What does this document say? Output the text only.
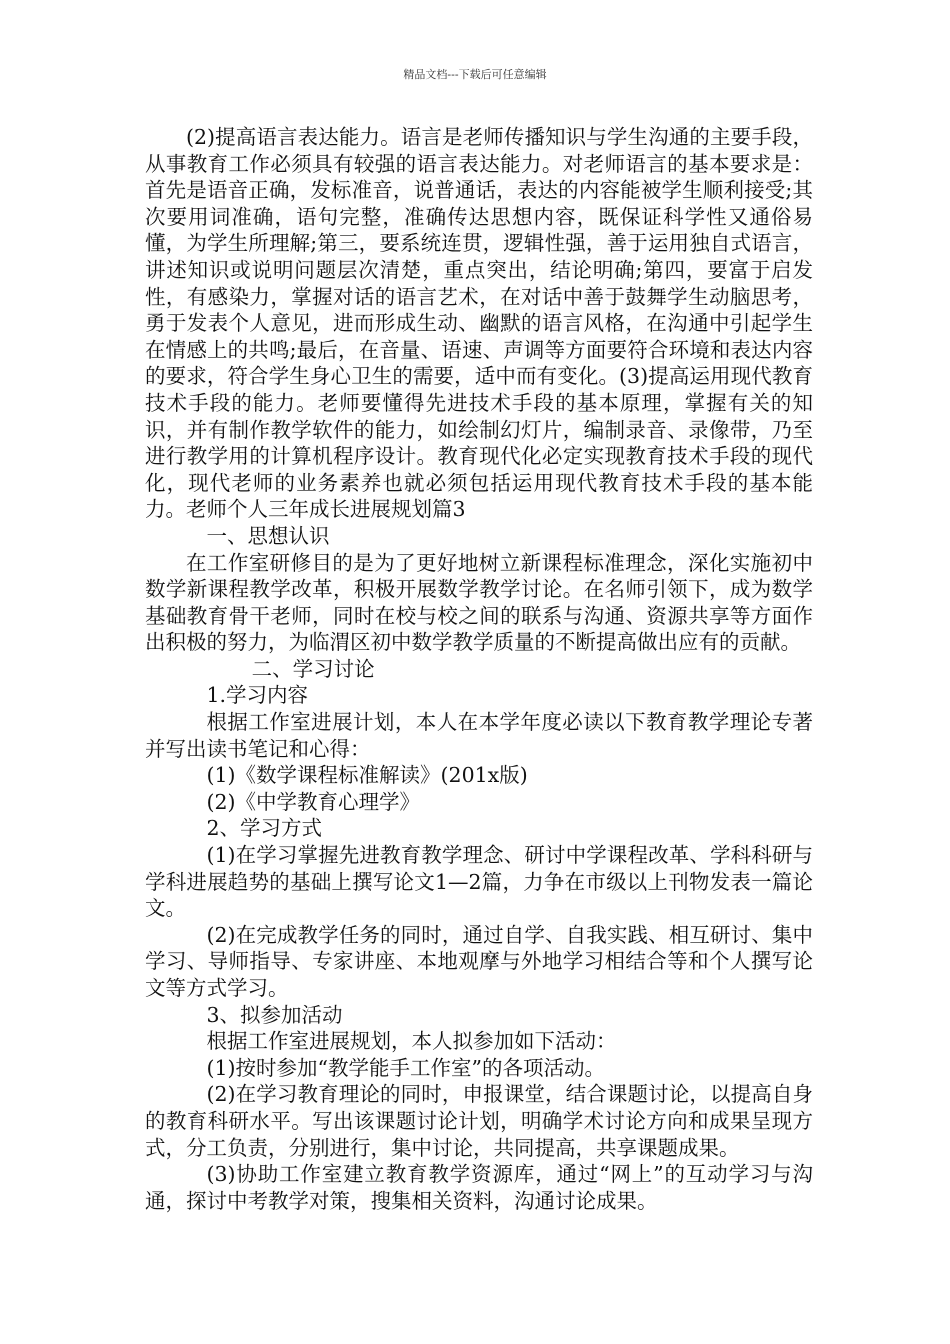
精品文档---下载后可任意编辑

(2)提高语言表达能力。语言是老师传播知识与学生沟通的主要手段，从事教育工作必须具有较强的语言表达能力。对老师语言的基本要求是：首先是语音正确，发标准音，说普通话，表达的内容能被学生顺利接受;其次要用词准确，语句完整，准确传达思想内容，既保证科学性又通俗易懂，为学生所理解;第三，要系统连贯，逻辑性强，善于运用独自式语言，讲述知识或说明问题层次清楚，重点突出，结论明确;第四，要富于启发性，有感染力，掌握对话的语言艺术，在对话中善于鼓舞学生动脑思考，勇于发表个人意见，进而形成生动、幽默的语言风格，在沟通中引起学生在情感上的共鸣;最后，在音量、语速、声调等方面要符合环境和表达内容的要求，符合学生身心卫生的需要，适中而有变化。(3)提高运用现代教育技术手段的能力。老师要懂得先进技术手段的基本原理，掌握有关的知识，并有制作教学软件的能力，如绘制幻灯片，编制录音、录像带，乃至进行教学用的计算机程序设计。教育现代化必定实现教育技术手段的现代化，现代老师的业务素养也就必须包括运用现代教育技术手段的基本能力。老师个人三年成长进展规划篇3

一、思想认识

在工作室研修目的是为了更好地树立新课程标准理念，深化实施初中数学新课程教学改革，积极开展数学教学讨论。在名师引领下，成为数学基础教育骨干老师，同时在校与校之间的联系与沟通、资源共享等方面作出积极的努力，为临渭区初中数学教学质量的不断提高做出应有的贡献。

二、学习讨论

1.学习内容

根据工作室进展计划，本人在本学年度必读以下教育教学理论专著并写出读书笔记和心得：

(1)《数学课程标准解读》(201x版)

(2)《中学教育心理学》

2、学习方式

(1)在学习掌握先进教育教学理念、研讨中学课程改革、学科科研与学科进展趋势的基础上撰写论文1—2篇，力争在市级以上刊物发表一篇论文。

(2)在完成教学任务的同时，通过自学、自我实践、相互研讨、集中学习、导师指导、专家讲座、本地观摩与外地学习相结合等和个人撰写论文等方式学习。

3、拟参加活动

根据工作室进展规划，本人拟参加如下活动：

(1)按时参加“教学能手工作室”的各项活动。

(2)在学习教育理论的同时，申报课堂，结合课题讨论，以提高自身的教育科研水平。写出该课题讨论计划，明确学术讨论方向和成果呈现方式，分工负责，分别进行，集中讨论，共同提高，共享课题成果。

(3)协助工作室建立教育教学资源库，通过“网上”的互动学习与沟通，探讨中考教学对策，搜集相关资料，沟通讨论成果。
